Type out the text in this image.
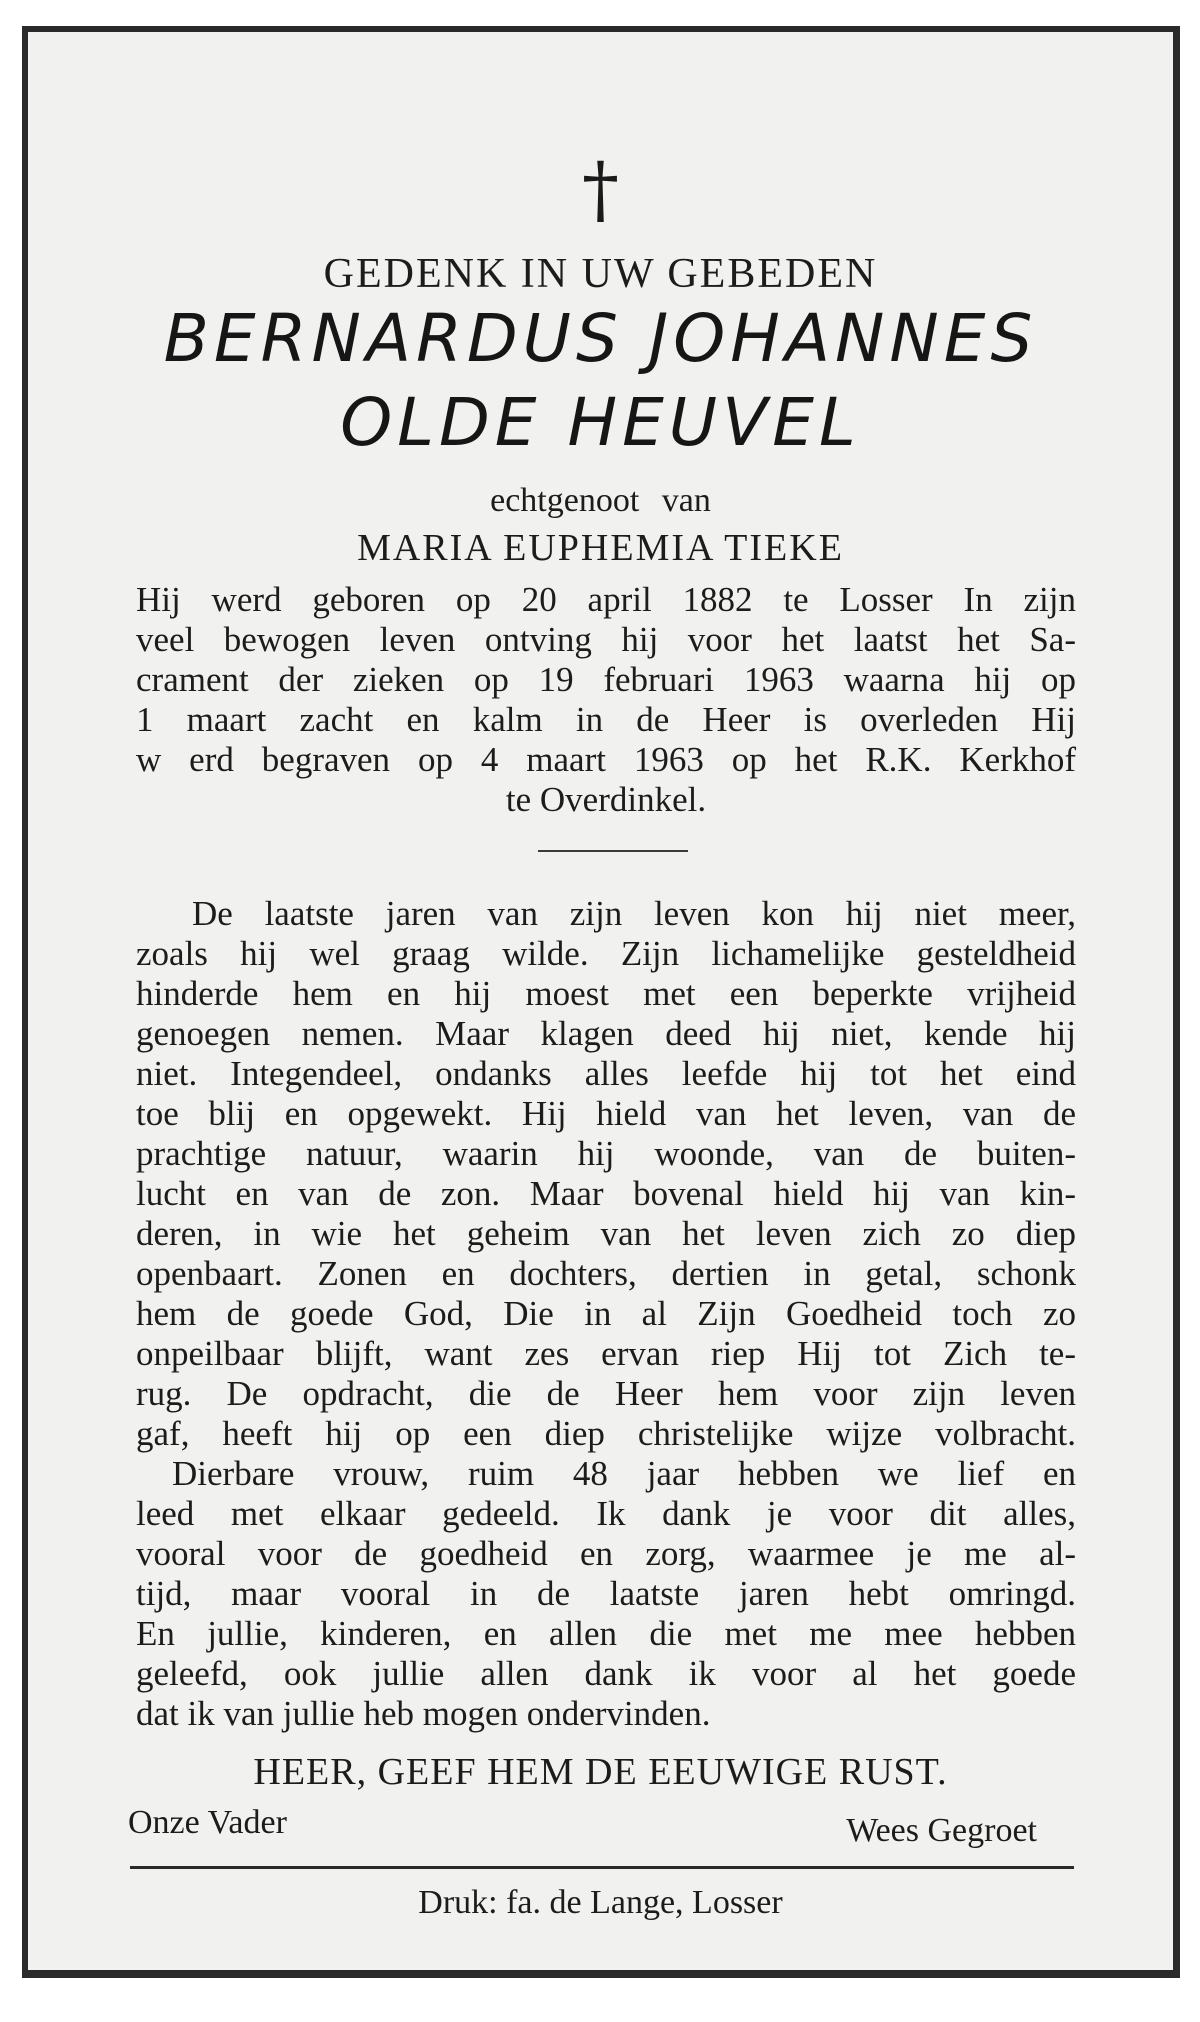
†
GEDENK IN UW GEBEDEN
BERNARDUS JOHANNES
OLDE HEUVEL
echtgenoot van
MARIA EUPHEMIA TIEKE
Hij werd geboren op 20 april 1882 te Losser In zijn
veel bewogen leven ontving hij voor het laatst het Sa-
crament der zieken op 19 februari 1963 waarna hij op
1 maart zacht en kalm in de Heer is overleden Hij
w erd begraven op 4 maart 1963 op het R.K. Kerkhof
te Overdinkel.
De laatste jaren van zijn leven kon hij niet meer,
zoals hij wel graag wilde. Zijn lichamelijke gesteldheid
hinderde hem en hij moest met een beperkte vrijheid
genoegen nemen. Maar klagen deed hij niet, kende hij
niet. Integendeel, ondanks alles leefde hij tot het eind
toe blij en opgewekt. Hij hield van het leven, van de
prachtige natuur, waarin hij woonde, van de buiten-
lucht en van de zon. Maar bovenal hield hij van kin-
deren, in wie het geheim van het leven zich zo diep
openbaart. Zonen en dochters, dertien in getal, schonk
hem de goede God, Die in al Zijn Goedheid toch zo
onpeilbaar blijft, want zes ervan riep Hij tot Zich te-
rug. De opdracht, die de Heer hem voor zijn leven
gaf, heeft hij op een diep christelijke wijze volbracht.
Dierbare vrouw, ruim 48 jaar hebben we lief en
leed met elkaar gedeeld. Ik dank je voor dit alles,
vooral voor de goedheid en zorg, waarmee je me al-
tijd, maar vooral in de laatste jaren hebt omringd.
En jullie, kinderen, en allen die met me mee hebben
geleefd, ook jullie allen dank ik voor al het goede
dat ik van jullie heb mogen ondervinden.
HEER, GEEF HEM DE EEUWIGE RUST.
Onze Vader	Wees Gegroet
Druk: fa. de Lange, Losser
